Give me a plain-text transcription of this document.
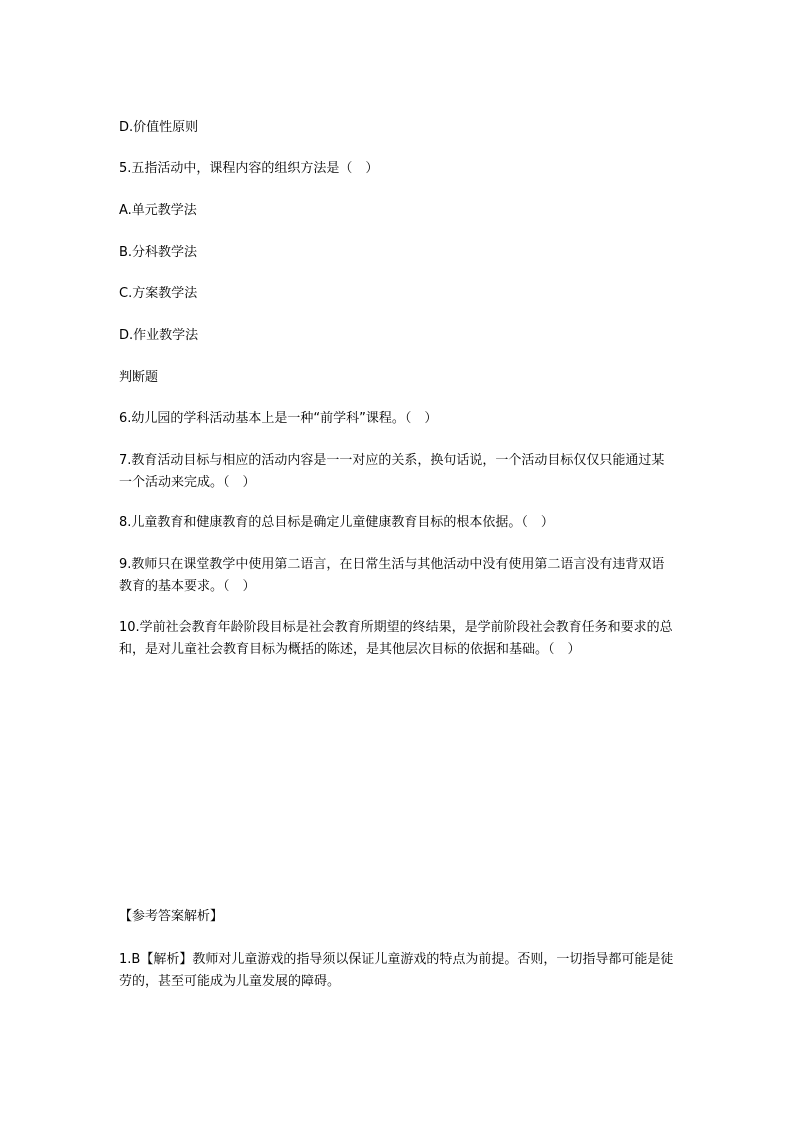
D.价值性原则

5.五指活动中，课程内容的组织方法是（　）

A.单元教学法

B.分科教学法

C.方案教学法

D.作业教学法

判断题

6.幼儿园的学科活动基本上是一种“前学科”课程。（　）

7.教育活动目标与相应的活动内容是一一对应的关系，换句话说，一个活动目标仅仅只能通过某一个活动来完成。（　）

8.儿童教育和健康教育的总目标是确定儿童健康教育目标的根本依据。（　）

9.教师只在课堂教学中使用第二语言，在日常生活与其他活动中没有使用第二语言没有违背双语教育的基本要求。（　）

10.学前社会教育年龄阶段目标是社会教育所期望的终结果，是学前阶段社会教育任务和要求的总和，是对儿童社会教育目标为概括的陈述，是其他层次目标的依据和基础。（　）

【参考答案解析】

1.B【解析】教师对儿童游戏的指导须以保证儿童游戏的特点为前提。否则，一切指导都可能是徒劳的，甚至可能成为儿童发展的障碍。
